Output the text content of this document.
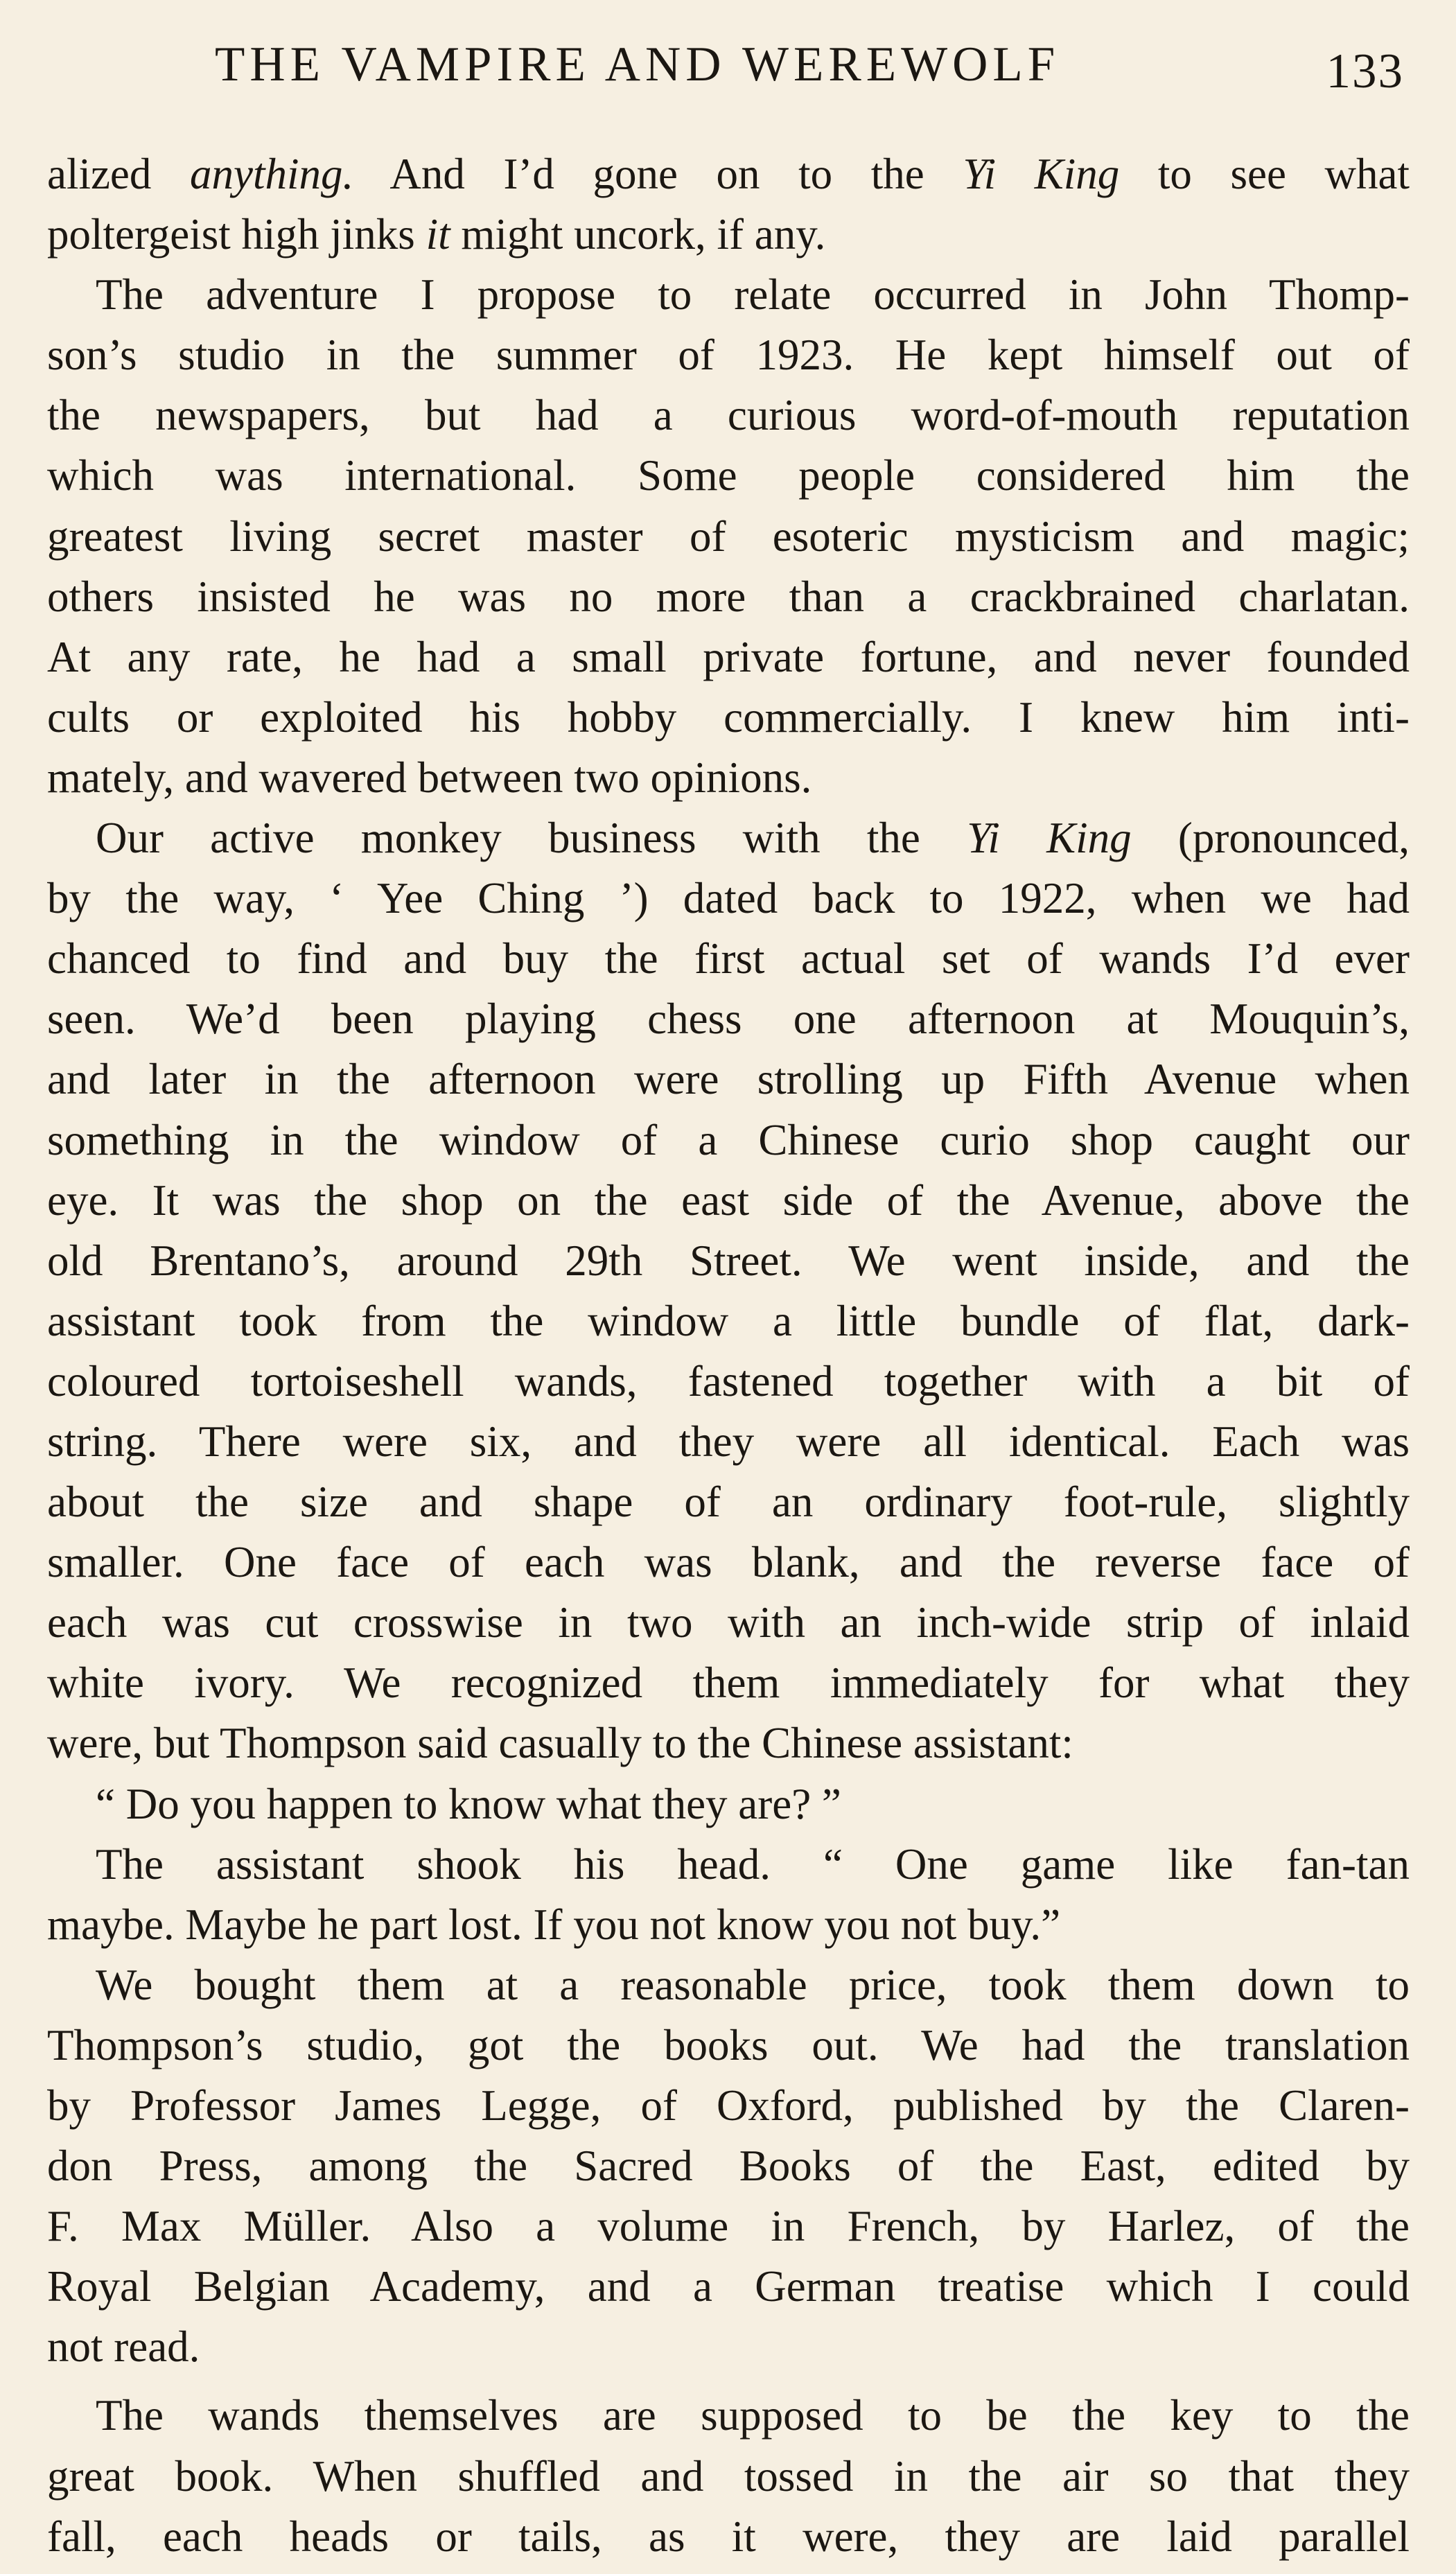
THE VAMPIRE AND WEREWOLF	133
alized anything. And I’d gone on to the Yi King to see what
poltergeist high jinks it might uncork, if any.
The adventure I propose to relate occurred in John Thomp-
son’s studio in the summer of 1923. He kept himself out of
the newspapers, but had a curious word-of-mouth reputation
which was international. Some people considered him the
greatest living secret master of esoteric mysticism and magic;
others insisted he was no more than a crackbrained charlatan.
At any rate, he had a small private fortune, and never founded
cults or exploited his hobby commercially. I knew him inti-
mately, and wavered between two opinions.
Our active monkey business with the Yi King (pronounced,
by the way, ‘ Yee Ching ’) dated back to 1922, when we had
chanced to find and buy the first actual set of wands I’d ever
seen. We’d been playing chess one afternoon at Mouquin’s,
and later in the afternoon were strolling up Fifth Avenue when
something in the window of a Chinese curio shop caught our
eye. It was the shop on the east side of the Avenue, above the
old Brentano’s, around 29th Street. We went inside, and the
assistant took from the window a little bundle of flat, dark-
coloured tortoiseshell wands, fastened together with a bit of
string. There were six, and they were all identical. Each was
about the size and shape of an ordinary foot-rule, slightly
smaller. One face of each was blank, and the reverse face of
each was cut crosswise in two with an inch-wide strip of inlaid
white ivory. We recognized them immediately for what they
were, but Thompson said casually to the Chinese assistant:
“ Do you happen to know what they are? ”
The assistant shook his head. “ One game like fan-tan
maybe. Maybe he part lost. If you not know you not buy.”
We bought them at a reasonable price, took them down to
Thompson’s studio, got the books out. We had the translation
by Professor James Legge, of Oxford, published by the Claren-
don Press, among the Sacred Books of the East, edited by
F. Max Müller. Also a volume in French, by Harlez, of the
Royal Belgian Academy, and a German treatise which I could
not read.
The wands themselves are supposed to be the key to the
great book. When shuffled and tossed in the air so that they
fall, each heads or tails, as it were, they are laid parallel
